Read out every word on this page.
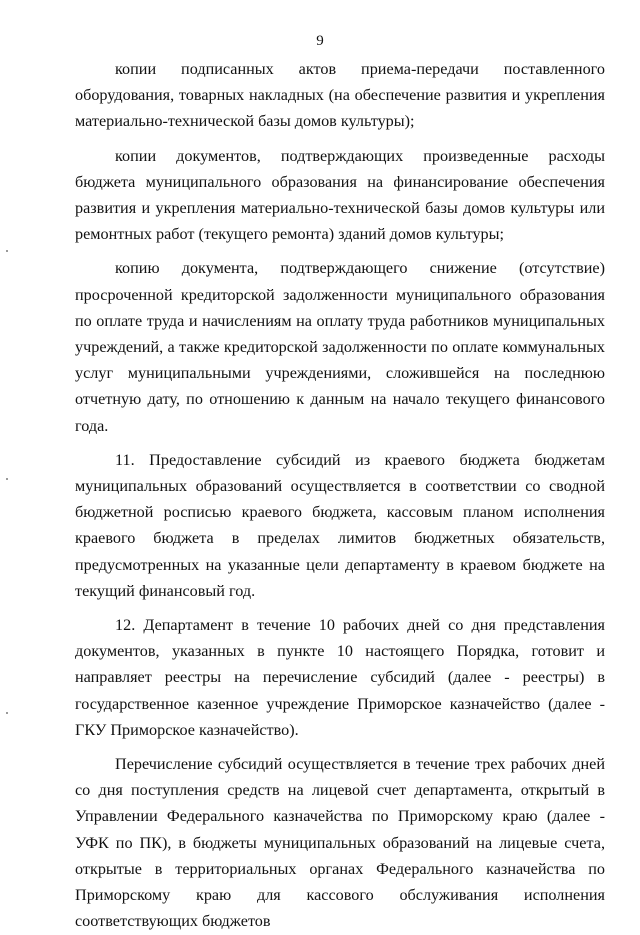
9

копии подписанных актов приема-передачи поставленного оборудования, товарных накладных (на обеспечение развития и укрепления материально-технической базы домов культуры);

копии документов, подтверждающих произведенные расходы бюджета муниципального образования на финансирование обеспечения развития и укрепления материально-технической базы домов культуры или ремонтных работ (текущего ремонта) зданий домов культуры;

копию документа, подтверждающего снижение (отсутствие) просроченной кредиторской задолженности муниципального образования по оплате труда и начислениям на оплату труда работников муниципальных учреждений, а также кредиторской задолженности по оплате коммунальных услуг муниципальными учреждениями, сложившейся на последнюю отчетную дату, по отношению к данным на начало текущего финансового года.

11. Предоставление субсидий из краевого бюджета бюджетам муниципальных образований осуществляется в соответствии со сводной бюджетной росписью краевого бюджета, кассовым планом исполнения краевого бюджета в пределах лимитов бюджетных обязательств, предусмотренных на указанные цели департаменту в краевом бюджете на текущий финансовый год.

12. Департамент в течение 10 рабочих дней со дня представления документов, указанных в пункте 10 настоящего Порядка, готовит и направляет реестры на перечисление субсидий (далее - реестры) в государственное казенное учреждение Приморское казначейство (далее - ГКУ Приморское казначейство).

Перечисление субсидий осуществляется в течение трех рабочих дней со дня поступления средств на лицевой счет департамента, открытый в Управлении Федерального казначейства по Приморскому краю (далее - УФК по ПК), в бюджеты муниципальных образований на лицевые счета, открытые в территориальных органах Федерального казначейства по Приморскому краю для кассового обслуживания исполнения соответствующих бюджетов
